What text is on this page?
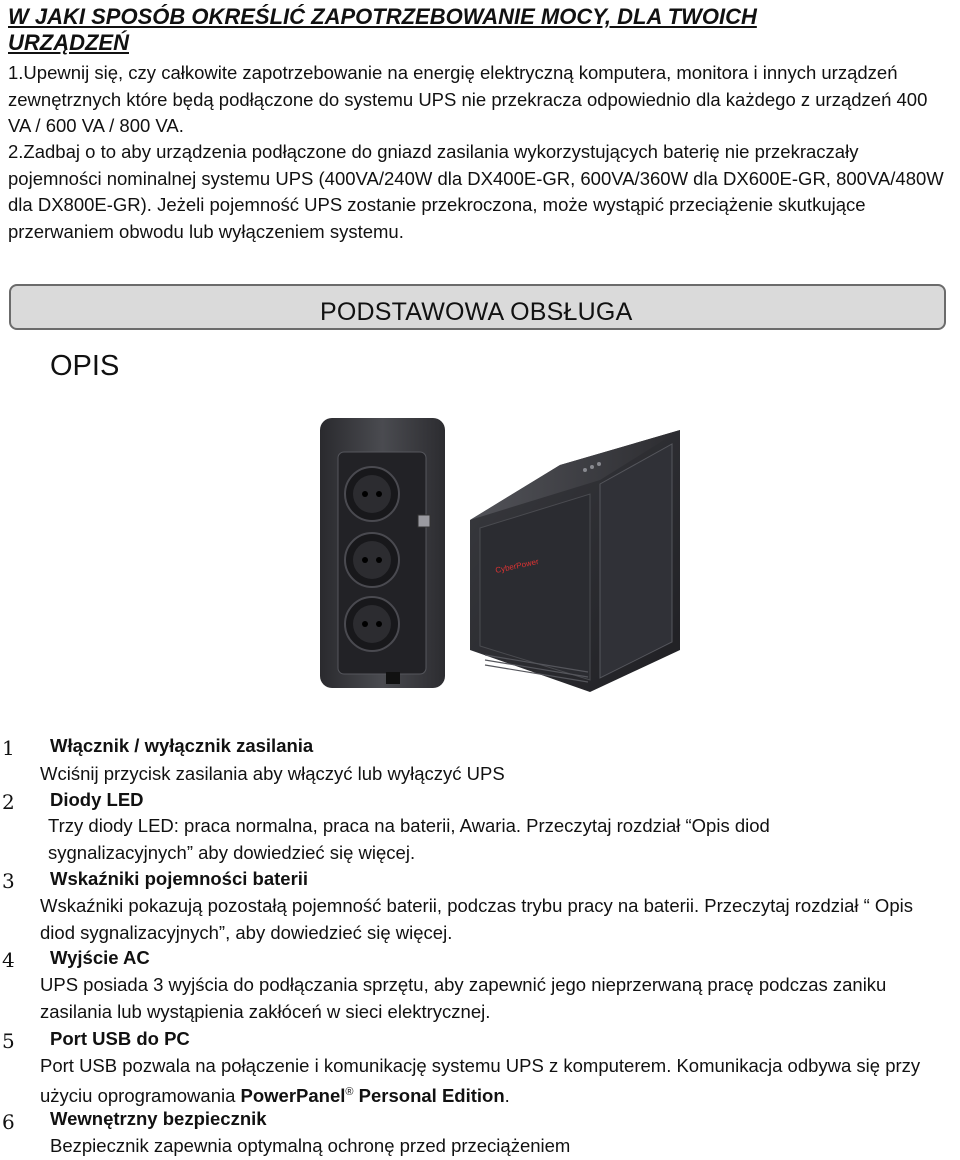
W JAKI SPOSÓB OKREŚLIĆ ZAPOTRZEBOWANIE MOCY, DLA TWOICH
URZĄDZEŃ
1.Upewnij się, czy całkowite zapotrzebowanie na energię elektryczną komputera, monitora i innych urządzeń zewnętrznych które będą podłączone do systemu UPS nie przekracza odpowiednio dla każdego z urządzeń 400 VA / 600 VA / 800 VA.
2.Zadbaj o to aby urządzenia podłączone do gniazd zasilania wykorzystujących baterię nie przekraczały pojemności nominalnej systemu UPS (400VA/240W dla DX400E-GR, 600VA/360W dla DX600E-GR, 800VA/480W dla DX800E-GR). Jeżeli pojemność UPS zostanie przekroczona, może wystąpić przeciążenie skutkujące przerwaniem obwodu lub wyłączeniem systemu.
PODSTAWOWA OBSŁUGA
OPIS
CyberPower
1 Włącznik / wyłącznik zasilania
Wciśnij przycisk zasilania aby włączyć lub wyłączyć UPS
2 Diody LED
Trzy diody LED: praca normalna, praca na baterii, Awaria. Przeczytaj rozdział “Opis diod sygnalizacyjnych” aby dowiedzieć się więcej.
3 Wskaźniki pojemności baterii
Wskaźniki pokazują pozostałą pojemność baterii, podczas trybu pracy na baterii. Przeczytaj rozdział “ Opis diod sygnalizacyjnych”, aby dowiedzieć się więcej.
4 Wyjście AC
UPS posiada 3 wyjścia do podłączania sprzętu, aby zapewnić jego nieprzerwaną pracę podczas zaniku zasilania lub wystąpienia zakłóceń w sieci elektrycznej.
5 Port USB do PC
Port USB pozwala na połączenie i komunikację systemu UPS z komputerem. Komunikacja odbywa się przy użyciu oprogramowania PowerPanel® Personal Edition.
6 Wewnętrzny bezpiecznik
Bezpiecznik zapewnia optymalną ochronę przed przeciążeniem
